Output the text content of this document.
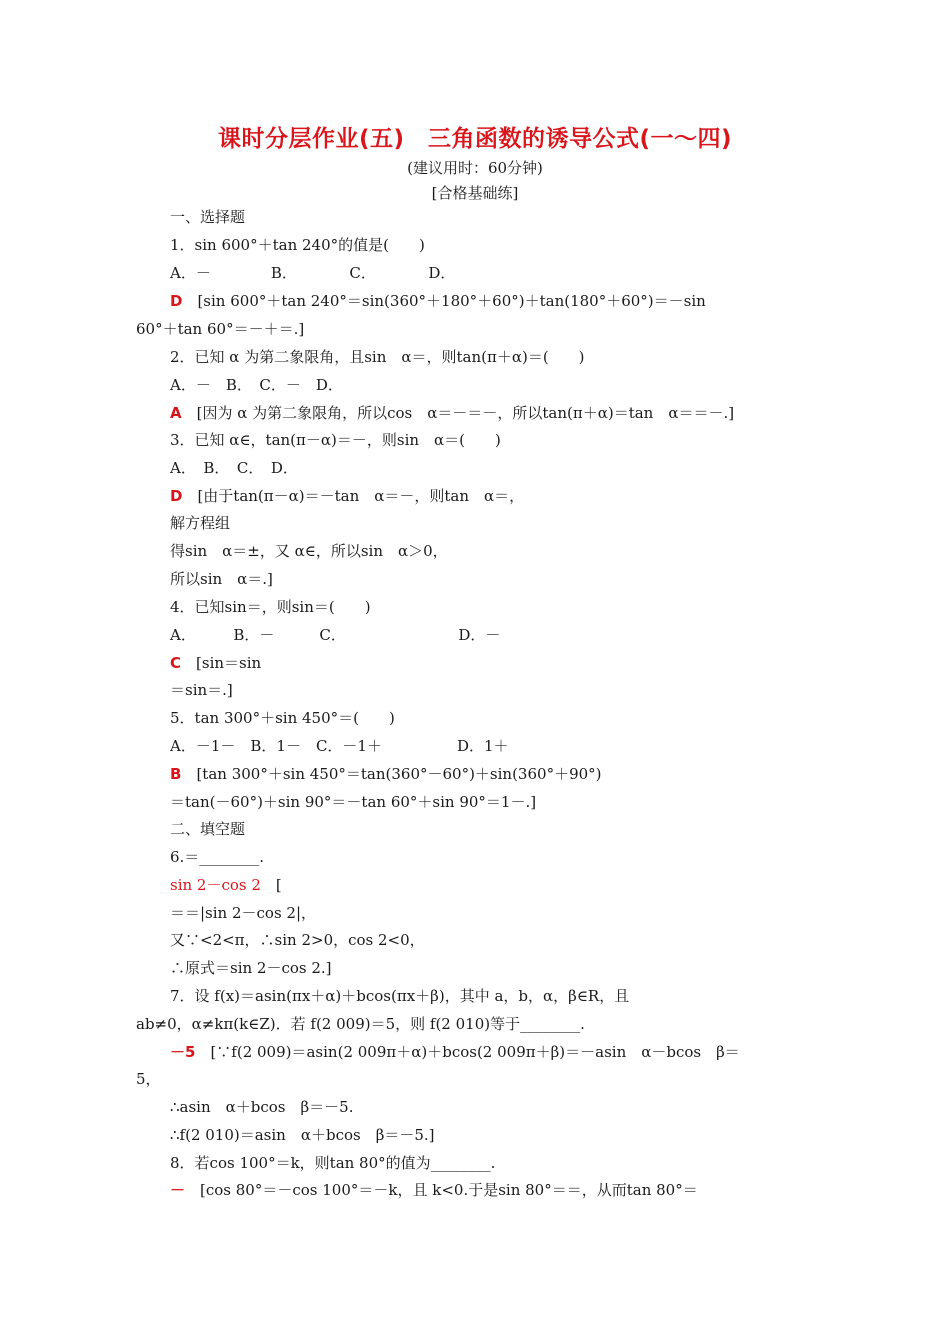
课时分层作业(五)　三角函数的诱导公式(一～四)
(建议用时：60分钟)
[合格基础练]
一、选择题
1．sin 600°＋tan 240°的值是(　　)
A．－　　　　B．　　　　C．　　　　D．
D　[sin 600°＋tan 240°＝sin(360°＋180°＋60°)＋tan(180°＋60°)＝－sin
60°＋tan 60°＝－＋＝.]
2．已知 α 为第二象限角，且sin　α＝，则tan(π＋α)＝(　　)
A．－　B．　C．－　D．
A　[因为 α 为第二象限角，所以cos　α＝－＝－，所以tan(π＋α)＝tan　α＝＝－.]
3．已知 α∈，tan(π－α)＝－，则sin　α＝(　　)
A．　B．　C．　D．
D　[由于tan(π－α)＝－tan　α＝－，则tan　α＝，
解方程组
得sin　α＝±，又 α∈，所以sin　α＞0，
所以sin　α＝.]
4．已知sin＝，则sin＝(　　)
A．　　　B．－　　　C．　　　　　　　　D．－
C　[sin＝sin
＝sin＝.]
5．tan 300°＋sin 450°＝(　　)
A．－1－　B．1－　C．－1＋　　　　　D．1＋
B　[tan 300°＋sin 450°＝tan(360°－60°)＋sin(360°＋90°)
＝tan(－60°)＋sin 90°＝－tan 60°＋sin 90°＝1－.]
二、填空题
6.＝________.
sin 2－cos 2　[
＝＝|sin 2－cos 2|，
又∵<2<π，∴sin 2>0，cos 2<0，
∴原式＝sin 2－cos 2.]
7．设 f(x)＝asin(πx＋α)＋bcos(πx＋β)，其中 a，b，α，β∈R，且
ab≠0，α≠kπ(k∈Z)．若 f(2 009)＝5，则 f(2 010)等于________.
－5　[∵f(2 009)＝asin(2 009π＋α)＋bcos(2 009π＋β)＝－asin　α－bcos　β＝
5，
∴asin　α＋bcos　β＝－5.
∴f(2 010)＝asin　α＋bcos　β＝－5.]
8．若cos 100°＝k，则tan 80°的值为________.
－　[cos 80°＝－cos 100°＝－k，且 k<0.于是sin 80°＝＝，从而tan 80°＝
